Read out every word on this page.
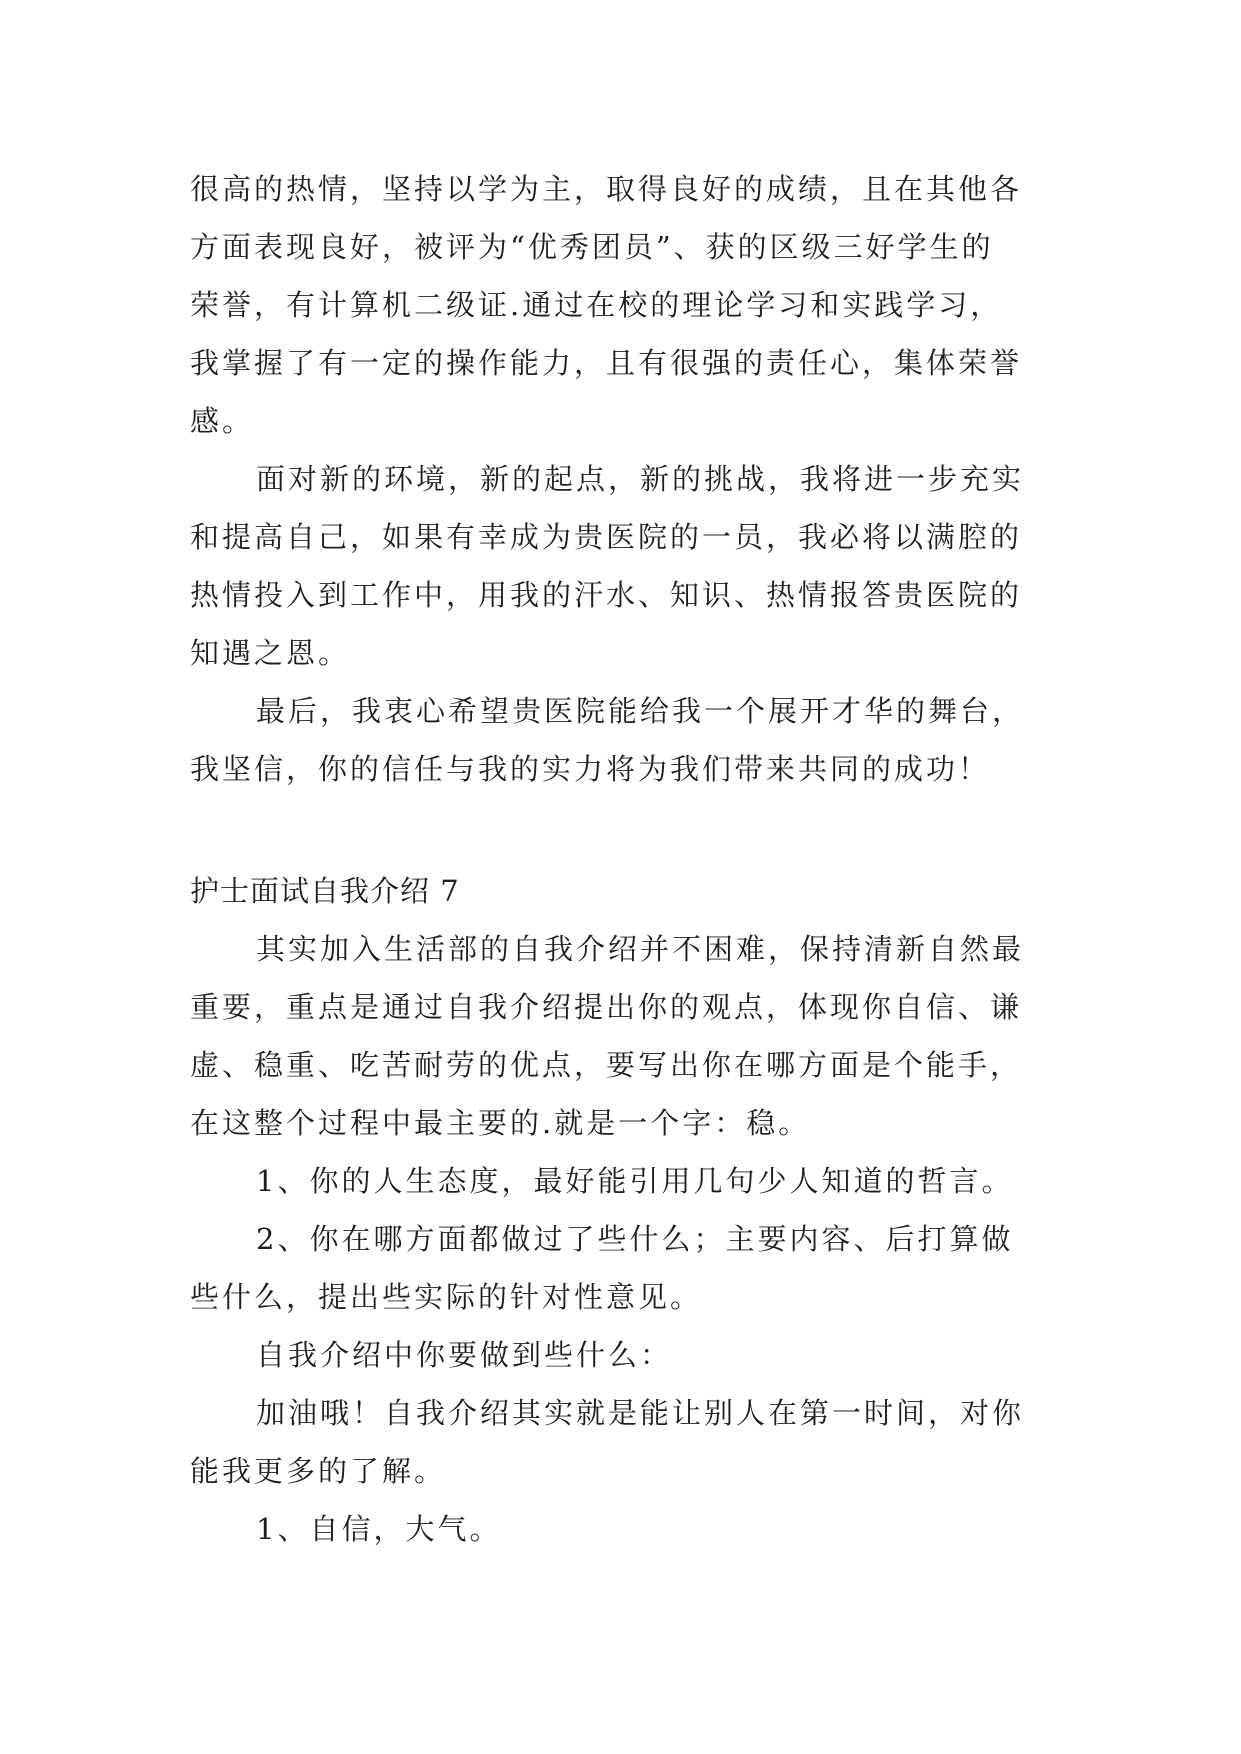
很高的热情，坚持以学为主，取得良好的成绩，且在其他各
方面表现良好，被评为“优秀团员”、获的区级三好学生的
荣誉，有计算机二级证.通过在校的理论学习和实践学习，
我掌握了有一定的操作能力，且有很强的责任心，集体荣誉
感。
面对新的环境，新的起点，新的挑战，我将进一步充实
和提高自己，如果有幸成为贵医院的一员，我必将以满腔的
热情投入到工作中，用我的汗水、知识、热情报答贵医院的
知遇之恩。
最后，我衷心希望贵医院能给我一个展开才华的舞台，
我坚信，你的信任与我的实力将为我们带来共同的成功！
护士面试自我介绍 7
其实加入生活部的自我介绍并不困难，保持清新自然最
重要，重点是通过自我介绍提出你的观点，体现你自信、谦
虚、稳重、吃苦耐劳的优点，要写出你在哪方面是个能手，
在这整个过程中最主要的.就是一个字：稳。
1、你的人生态度，最好能引用几句少人知道的哲言。
2、你在哪方面都做过了些什么；主要内容、后打算做
些什么，提出些实际的针对性意见。
自我介绍中你要做到些什么：
加油哦！自我介绍其实就是能让别人在第一时间，对你
能我更多的了解。
1、自信，大气。
